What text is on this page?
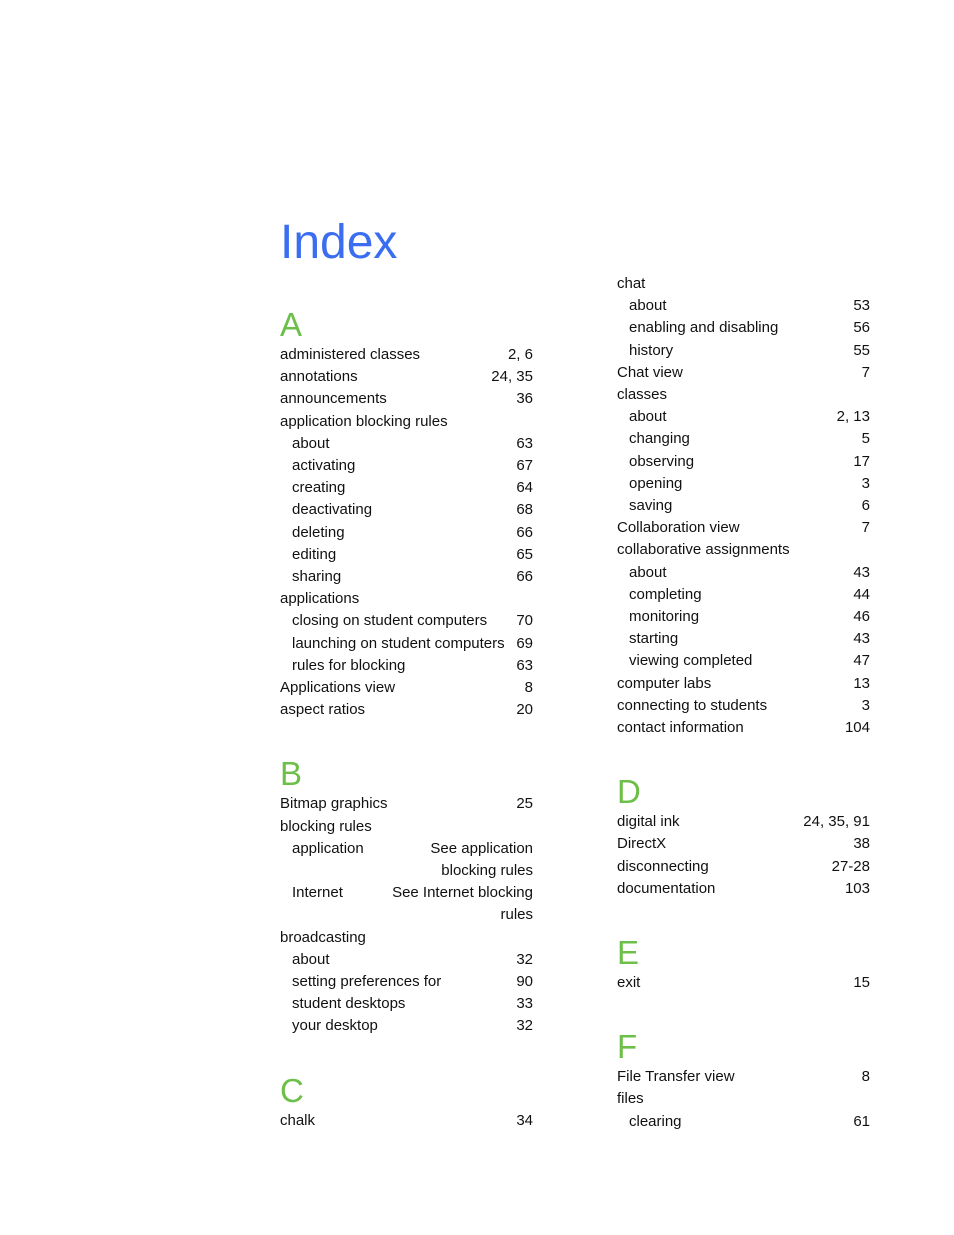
Index
A
administered classes	2, 6
annotations	24, 35
announcements	36
application blocking rules
about	63
activating	67
creating	64
deactivating	68
deleting	66
editing	65
sharing	66
applications
closing on student computers 70
launching on student computers 69
rules for blocking	63
Applications view	8
aspect ratios	20
B
Bitmap graphics	25
blocking rules
application	See application blocking rules
Internet	See Internet blocking rules
broadcasting
about	32
setting preferences for	90
student desktops	33
your desktop	32
C
chalk	34
chat
about	53
enabling and disabling	56
history	55
Chat view	7
classes
about	2, 13
changing	5
observing	17
opening	3
saving	6
Collaboration view	7
collaborative assignments
about	43
completing	44
monitoring	46
starting	43
viewing completed	47
computer labs	13
connecting to students	3
contact information	104
D
digital ink	24, 35, 91
DirectX	38
disconnecting	27-28
documentation	103
E
exit	15
F
File Transfer view	8
files
clearing	61
